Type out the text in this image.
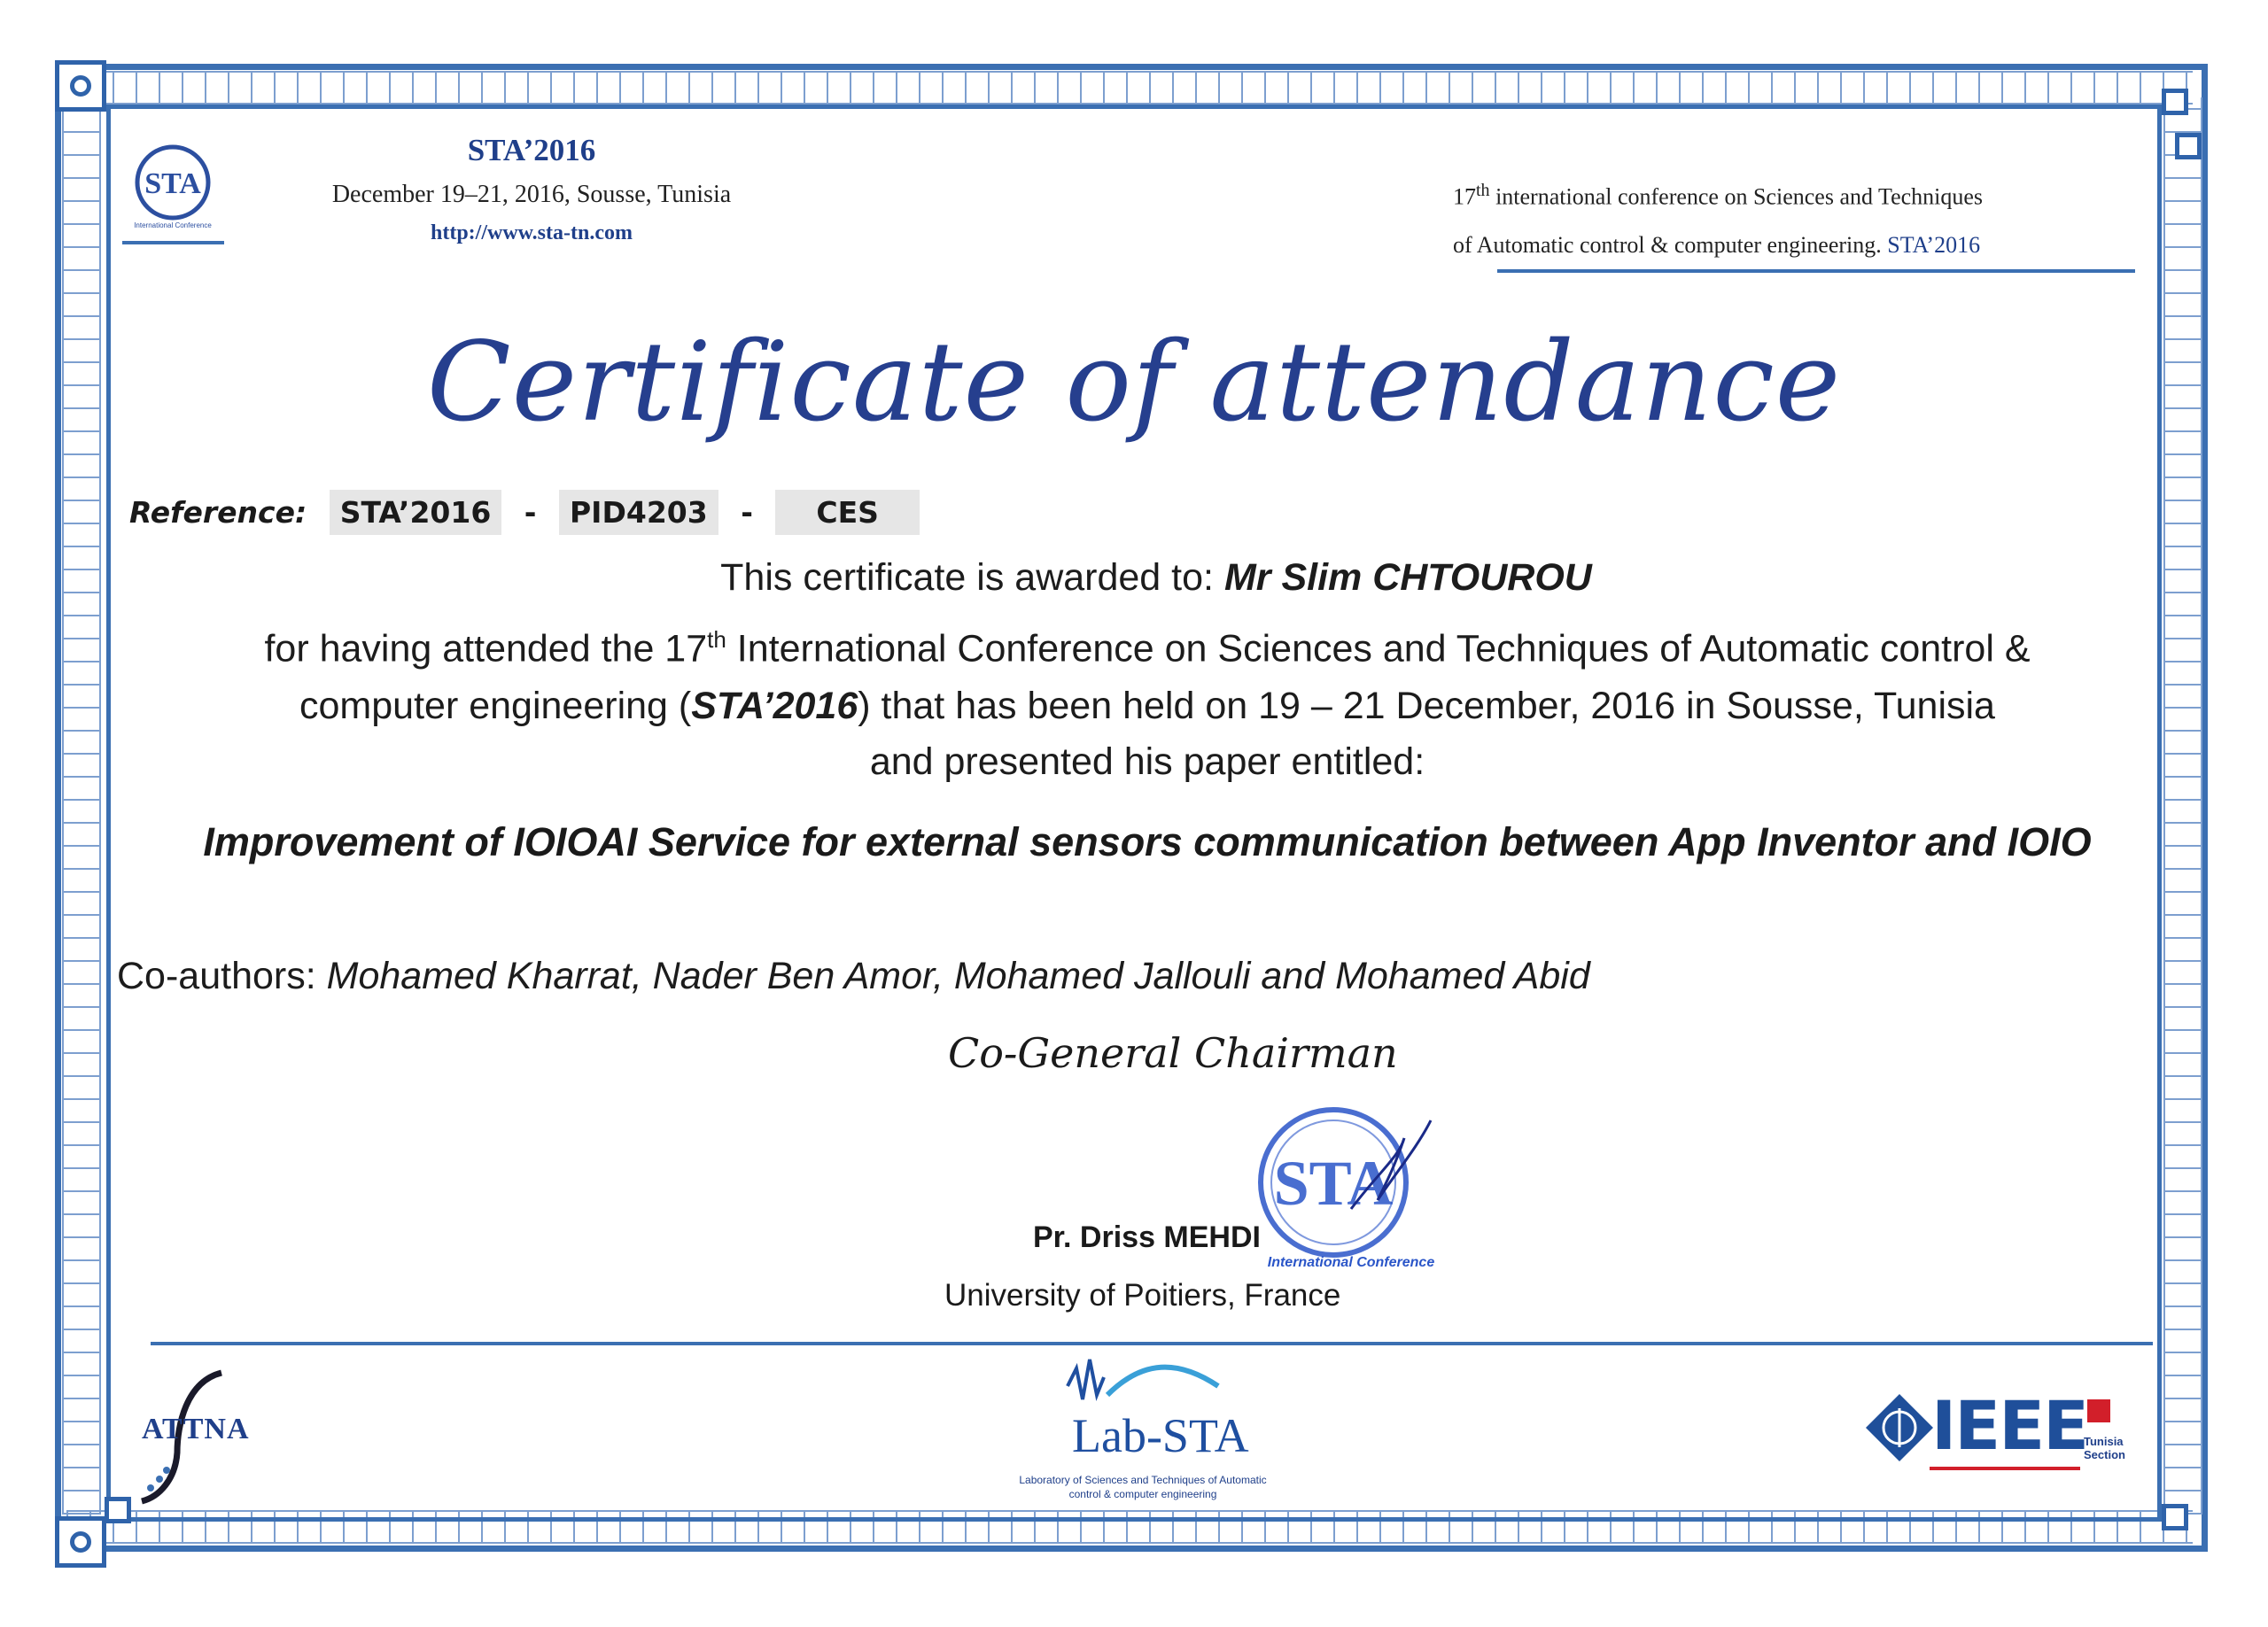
STA
International Conference
STA’2016
December 19–21, 2016, Sousse, Tunisia
http://www.sta-tn.com
17th international conference on Sciences and Techniques
of Automatic control & computer engineering. STA’2016
Certificate of attendance
Reference: STA’2016 - PID4203 - CES
This certificate is awarded to: Mr Slim CHTOUROU
for having attended the 17th International Conference on Sciences and Techniques of Automatic control &
computer engineering (STA’2016) that has been held on 19 – 21 December, 2016 in Sousse, Tunisia
and presented his paper entitled:
Improvement of IOIOAI Service for external sensors communication between App Inventor and IOIO
Co-authors: Mohamed Kharrat, Nader Ben Amor, Mohamed Jallouli and Mohamed Abid
Co-General Chairman
STA
International Conference
Pr. Driss MEHDI
University of Poitiers, France
ATTNA	Lab-STA
Laboratory of Sciences and Techniques of Automatic control & computer engineering
IEEE
Tunisia
Section
